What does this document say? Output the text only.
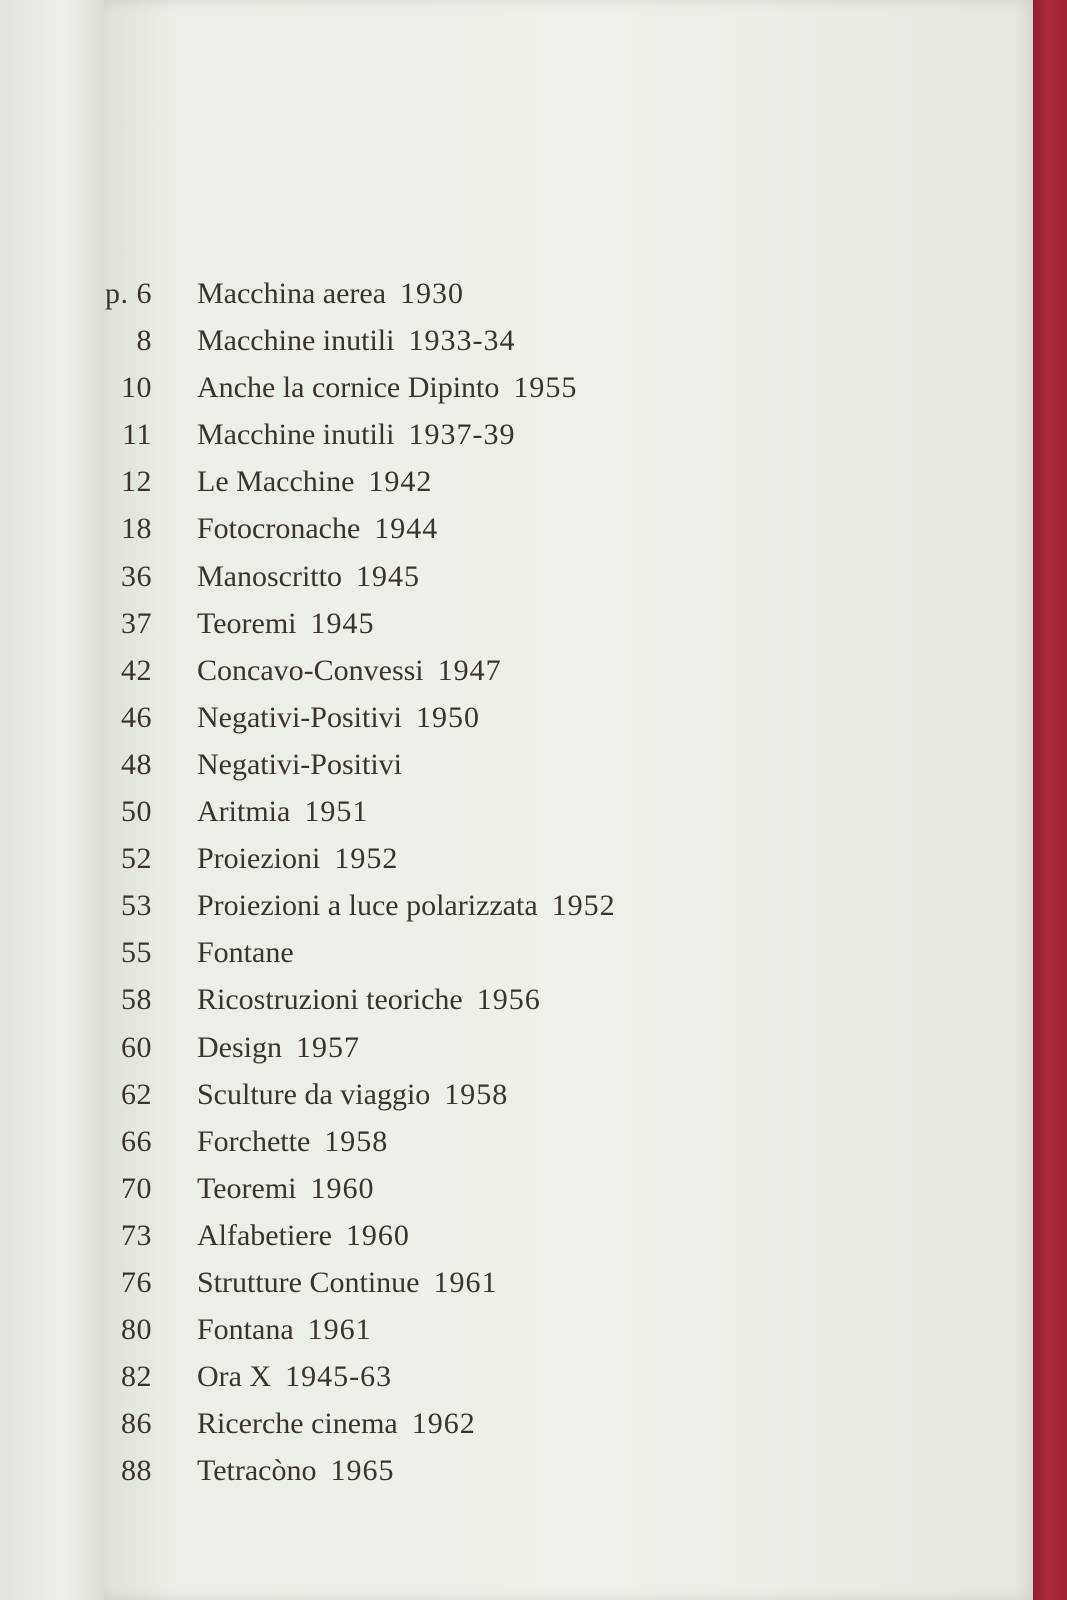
p. 6 Macchina aerea 1930
8 Macchine inutili 1933-34
10 Anche la cornice Dipinto 1955
11 Macchine inutili 1937-39
12 Le Macchine 1942
18 Fotocronache 1944
36 Manoscritto 1945
37 Teoremi 1945
42 Concavo-Convessi 1947
46 Negativi-Positivi 1950
48 Negativi-Positivi
50 Aritmia 1951
52 Proiezioni 1952
53 Proiezioni a luce polarizzata 1952
55 Fontane
58 Ricostruzioni teoriche 1956
60 Design 1957
62 Sculture da viaggio 1958
66 Forchette 1958
70 Teoremi 1960
73 Alfabetiere 1960
76 Strutture Continue 1961
80 Fontana 1961
82 Ora X 1945-63
86 Ricerche cinema 1962
88 Tetracòno 1965
